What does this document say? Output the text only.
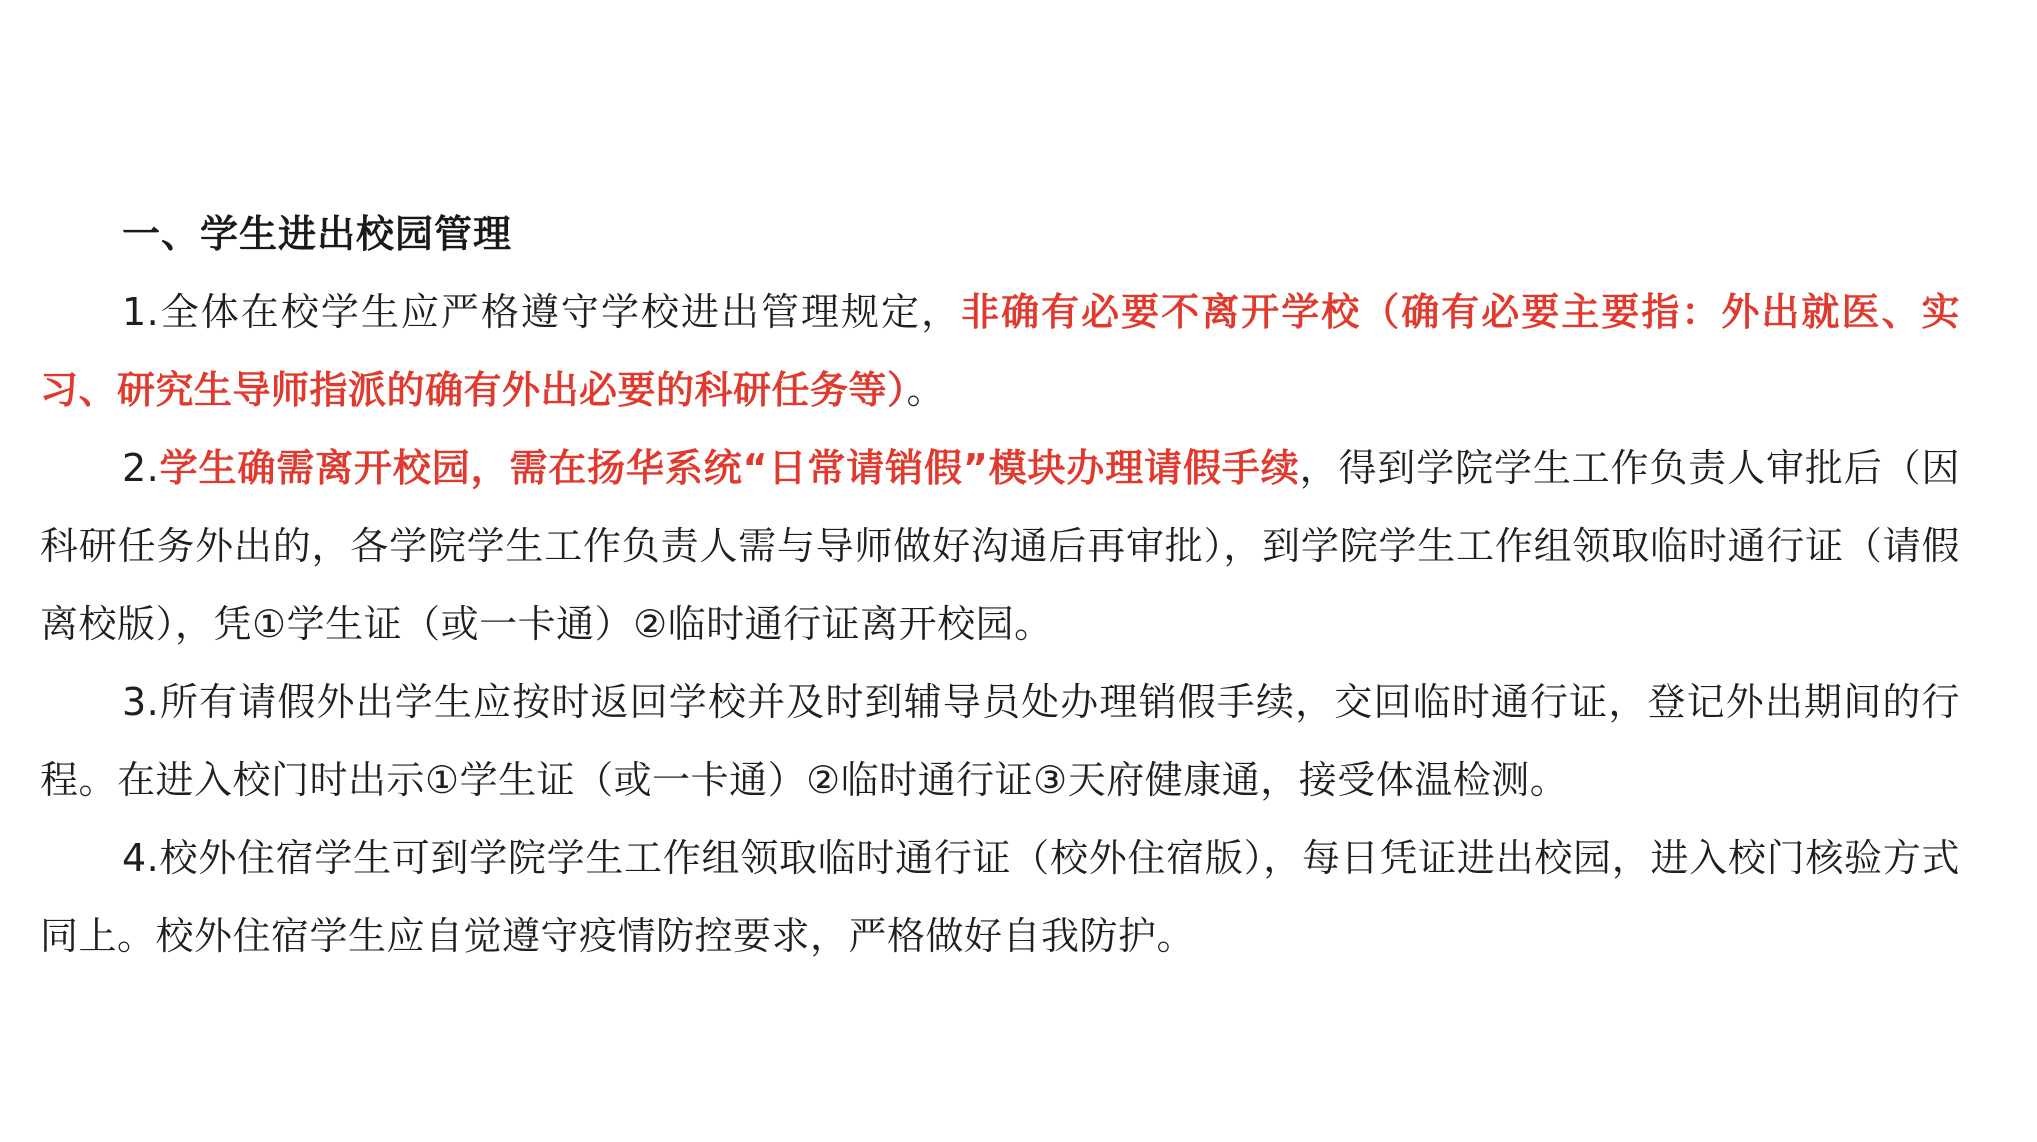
一、学生进出校园管理

1.全体在校学生应严格遵守学校进出管理规定，非确有必要不离开学校（确有必要主要指：外出就医、实习、研究生导师指派的确有外出必要的科研任务等）。

2.学生确需离开校园，需在扬华系统“日常请销假”模块办理请假手续，得到学院学生工作负责人审批后（因科研任务外出的，各学院学生工作负责人需与导师做好沟通后再审批），到学院学生工作组领取临时通行证（请假离校版），凭①学生证（或一卡通）②临时通行证离开校园。

3.所有请假外出学生应按时返回学校并及时到辅导员处办理销假手续，交回临时通行证，登记外出期间的行程。在进入校门时出示①学生证（或一卡通）②临时通行证③天府健康通，接受体温检测。

4.校外住宿学生可到学院学生工作组领取临时通行证（校外住宿版），每日凭证进出校园，进入校门核验方式同上。校外住宿学生应自觉遵守疫情防控要求，严格做好自我防护。
